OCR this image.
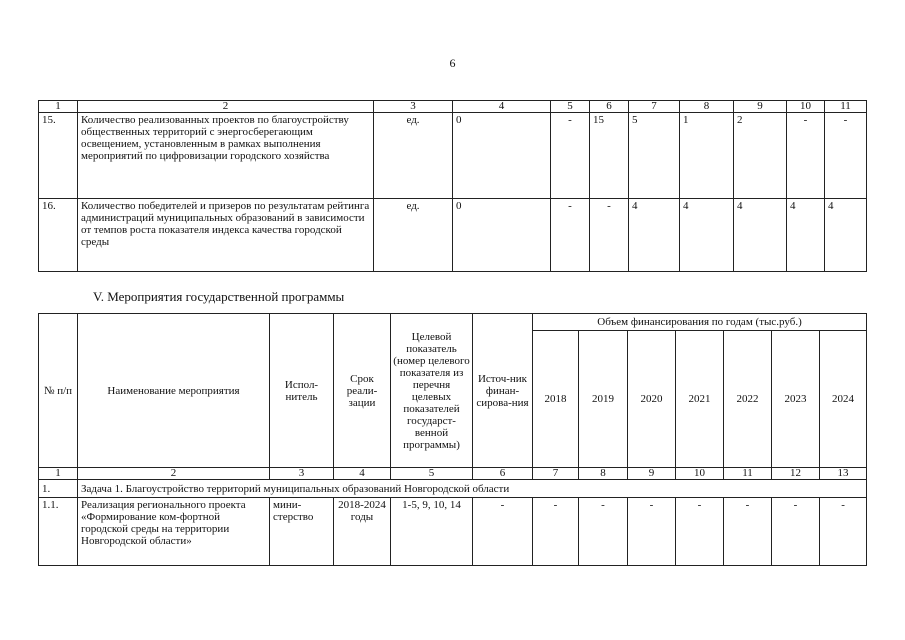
6
1	2	3	4	5	6	7	8	9	10	11
15.	Количество реализованных проектов по благоустройству общественных территорий с энергосберегающим освещением, установленным в рамках выполнения мероприятий по цифровизации городского хозяйства	ед.	0	-	15	5	1	2	-	-
16.	Количество победителей и призеров по результатам рейтинга администраций муниципальных образований в зависимости от темпов роста показателя индекса качества городской среды	ед.	0	-	-	4	4	4	4	4
V. Мероприятия государственной программы
№ п/п	Наименование мероприятия	Испол-нитель	Срок реали-зации	Целевой показатель (номер целевого показателя из перечня целевых показателей государст-венной программы)	Источ-ник финан-сирова-ния	Объем финансирования по годам (тыс.руб.)						
						2018	2019	2020	2021	2022	2023	2024
1	2	3	4	5	6	7	8	9	10	11	12	13
1.	Задача 1. Благоустройство территорий муниципальных образований Новгородской области											
1.1.	Реализация регионального проекта «Формирование ком-фортной городской среды на территории Новгородской области»	мини-стерство	2018-2024 годы	1-5, 9, 10, 14	-	-	-	-	-	-	-	-
